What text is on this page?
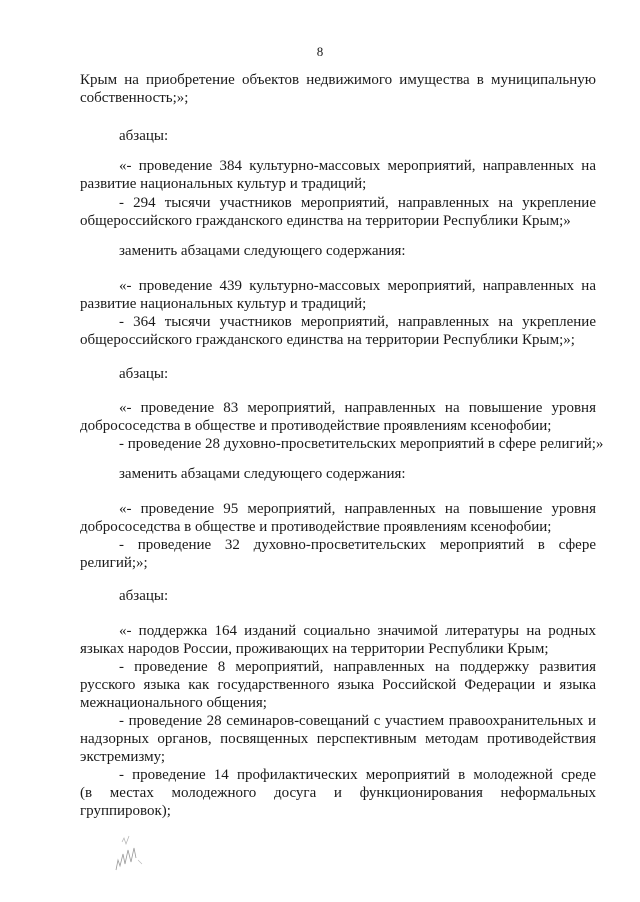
8
Крым на приобретение объектов недвижимого имущества в муниципальную
собственность;»;
абзацы:
«- проведение 384 культурно-массовых мероприятий, направленных на
развитие национальных культур и традиций;
- 294 тысячи участников мероприятий, направленных на укрепление
общероссийского гражданского единства на территории Республики Крым;»
заменить абзацами следующего содержания:
«- проведение 439 культурно-массовых мероприятий, направленных на
развитие национальных культур и традиций;
- 364 тысячи участников мероприятий, направленных на укрепление
общероссийского гражданского единства на территории Республики Крым;»;
абзацы:
«- проведение 83 мероприятий, направленных на повышение уровня
добрососедства в обществе и противодействие проявлениям ксенофобии;
- проведение 28 духовно-просветительских мероприятий в сфере религий;»
заменить абзацами следующего содержания:
«- проведение 95 мероприятий, направленных на повышение уровня
добрососедства в обществе и противодействие проявлениям ксенофобии;
- проведение 32 духовно-просветительских мероприятий в сфере
религий;»;
абзацы:
«- поддержка 164 изданий социально значимой литературы на родных
языках народов России, проживающих на территории Республики Крым;
- проведение 8 мероприятий, направленных на поддержку развития
русского языка как государственного языка Российской Федерации и языка
межнационального общения;
- проведение 28 семинаров-совещаний с участием правоохранительных и
надзорных органов, посвященных перспективным методам противодействия
экстремизму;
- проведение 14 профилактических мероприятий в молодежной среде
(в местах молодежного досуга и функционирования неформальных
группировок);
